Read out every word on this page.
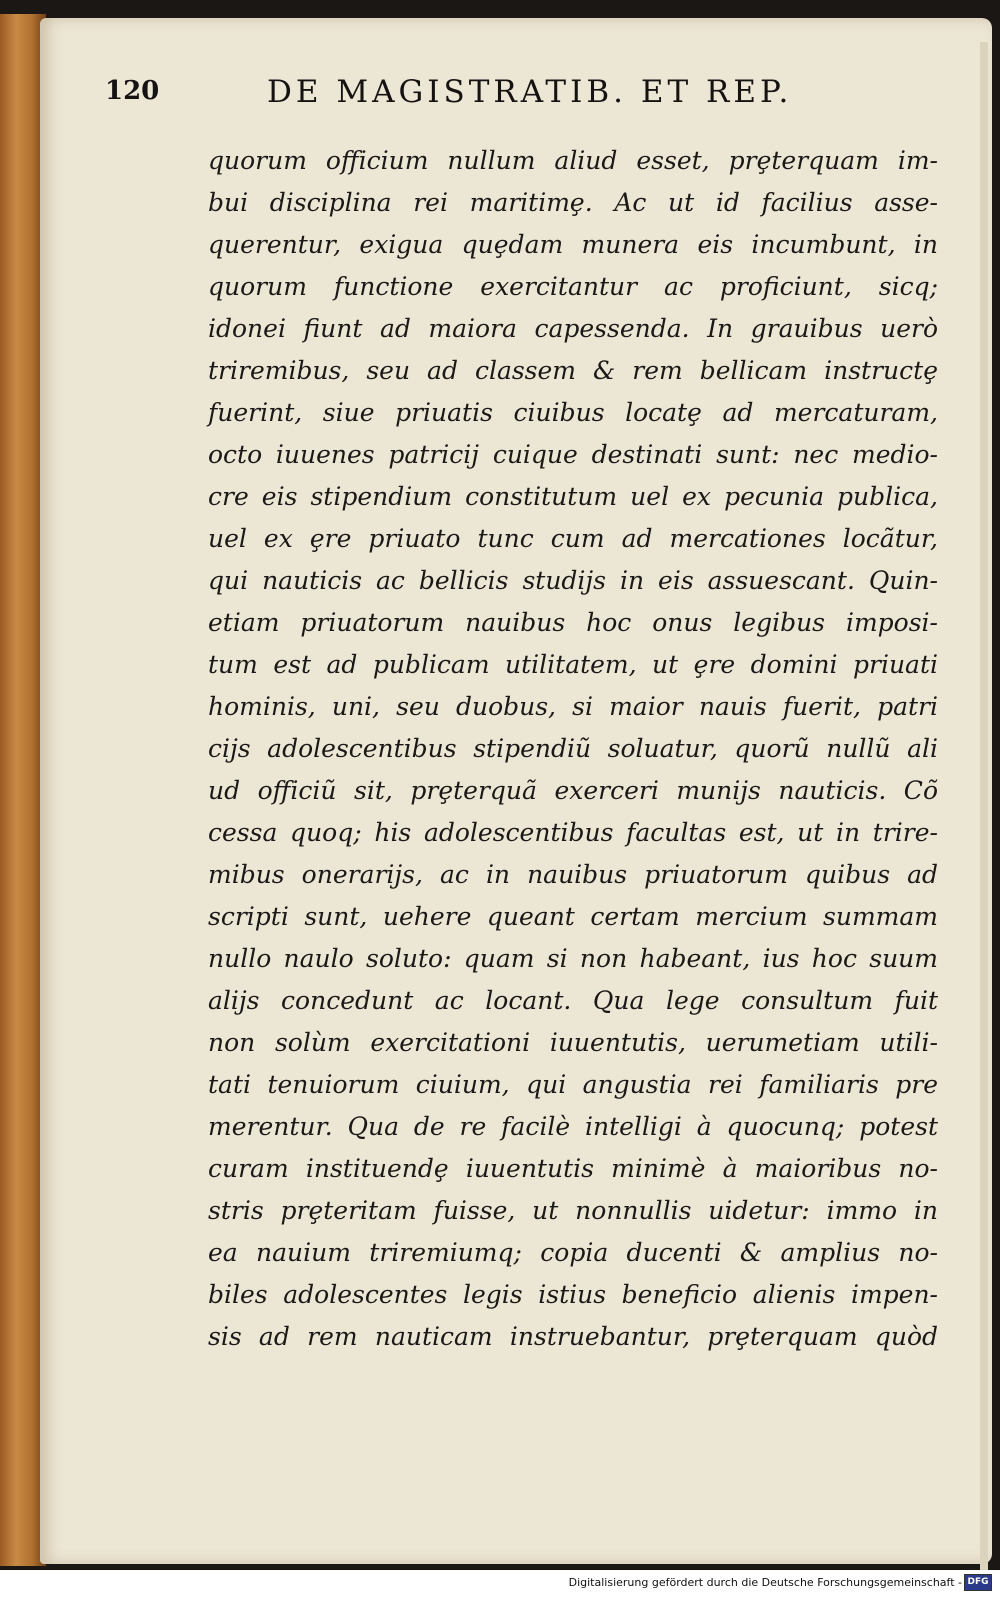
120	DE MAGISTRATIB. ET REP.
quorum officium nullum aliud esset, prȩterquam im-
bui disciplina rei maritimȩ. Ac ut id facilius asse-
querentur, exigua quȩdam munera eis incumbunt, in
quorum functione exercitantur ac proficiunt, sicq;
idonei fiunt ad maiora capessenda. In grauibus uerò
triremibus, seu ad classem & rem bellicam instructȩ
fuerint, siue priuatis ciuibus locatȩ ad mercaturam,
octo iuuenes patricij cuique destinati sunt: nec medio-
cre eis stipendium constitutum uel ex pecunia publica,
uel ex ȩre priuato tunc cum ad mercationes locãtur,
qui nauticis ac bellicis studijs in eis assuescant. Quin-
etiam priuatorum nauibus hoc onus legibus imposi-
tum est ad publicam utilitatem, ut ȩre domini priuati
hominis, uni, seu duobus, si maior nauis fuerit, patri
cijs adolescentibus stipendiũ soluatur, quorũ nullũ ali
ud officiũ sit, prȩterquã exerceri munijs nauticis. Cõ
cessa quoq; his adolescentibus facultas est, ut in trire-
mibus onerarijs, ac in nauibus priuatorum quibus ad
scripti sunt, uehere queant certam mercium summam
nullo naulo soluto: quam si non habeant, ius hoc suum
alijs concedunt ac locant. Qua lege consultum fuit
non solùm exercitationi iuuentutis, uerumetiam utili-
tati tenuiorum ciuium, qui angustia rei familiaris pre
merentur. Qua de re facilè intelligi à quocunq; potest
curam instituendȩ iuuentutis minimè à maioribus no-
stris prȩteritam fuisse, ut nonnullis uidetur: immo in
ea nauium triremiumq; copia ducenti & amplius no-
biles adolescentes legis istius beneficio alienis impen-
sis ad rem nauticam instruebantur, prȩterquam quòd
Digitalisierung gefördert durch die Deutsche Forschungsgemeinschaft - DFG
